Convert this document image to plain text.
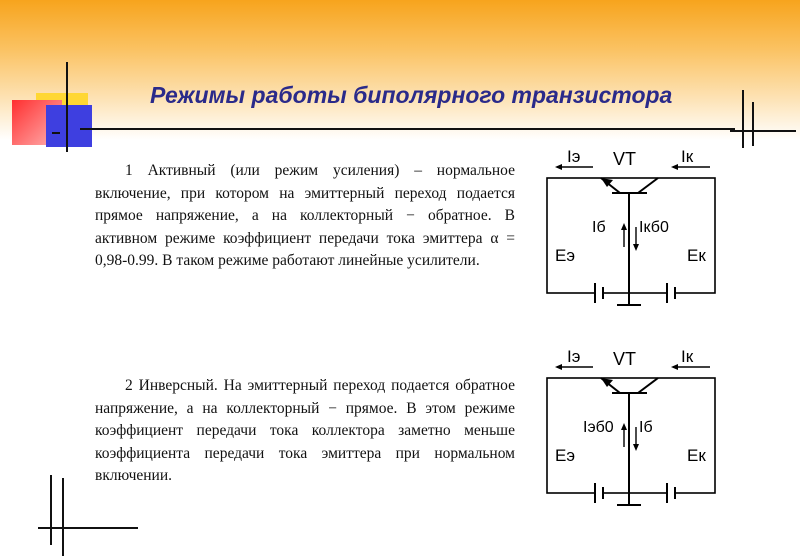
Режимы работы биполярного транзистора
1 Активный (или режим усиления) – нормальное включение, при котором на эмиттерный переход подается прямое напряжение, а на коллекторный − обратное. В активном режиме коэффициент передачи тока эмиттера α = 0,98-0.99. В таком режиме работают линейные усилители.
2 Инверсный. На эмиттерный переход подается обратное напряжение, а на коллекторный − прямое. В этом режиме коэффициент передачи тока коллектора заметно меньше коэффициента передачи тока эмиттера при нормальном включении.
Iэ VT	Iк
Iб Iкб0
Eэ	Eк
Iэ VT	Iк
Iэб0 Iб
Eэ	Eк
